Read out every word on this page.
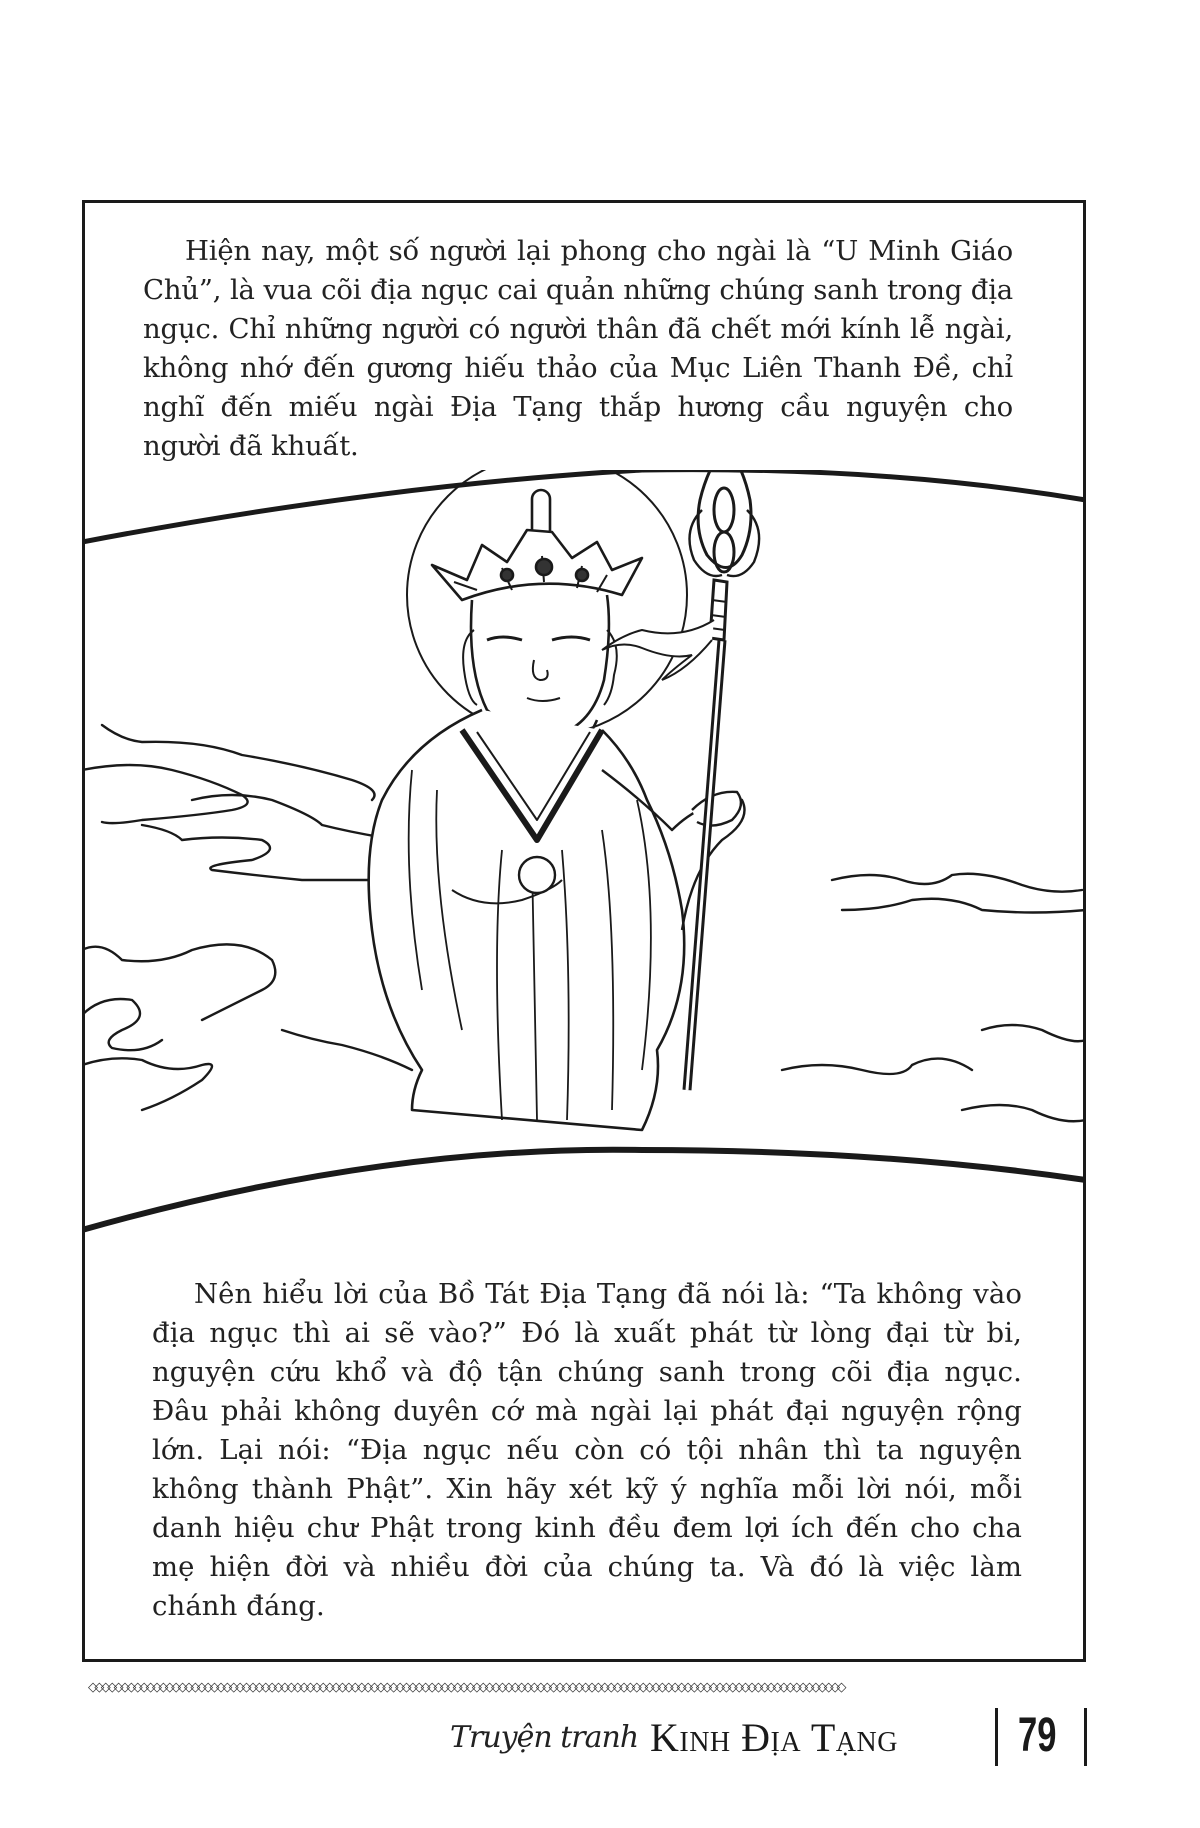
Hiện nay, một số người lại phong cho ngài là “U Minh Giáo Chủ”, là vua cõi địa ngục cai quản những chúng sanh trong địa ngục. Chỉ những người có người thân đã chết mới kính lễ ngài, không nhớ đến gương hiếu thảo của Mục Liên Thanh Đề, chỉ nghĩ đến miếu ngài Địa Tạng thắp hương cầu nguyện cho người đã khuất.

Nên hiểu lời của Bồ Tát Địa Tạng đã nói là: “Ta không vào địa ngục thì ai sẽ vào?” Đó là xuất phát từ lòng đại từ bi, nguyện cứu khổ và độ tận chúng sanh trong cõi địa ngục. Đâu phải không duyên cớ mà ngài lại phát đại nguyện rộng lớn. Lại nói: “Địa ngục nếu còn có tội nhân thì ta nguyện không thành Phật”. Xin hãy xét kỹ ý nghĩa mỗi lời nói, mỗi danh hiệu chư Phật trong kinh đều đem lợi ích đến cho cha mẹ hiện đời và nhiều đời của chúng ta. Và đó là việc làm chánh đáng.

◇◇◇◇◇◇◇◇◇◇◇◇◇◇◇◇◇◇◇◇◇◇◇◇◇◇◇◇◇◇◇◇◇◇◇◇◇◇◇◇◇◇◇◇◇◇◇◇◇◇◇◇◇◇◇◇◇◇◇◇◇◇◇◇◇◇◇◇◇◇◇◇◇◇◇◇◇◇◇◇◇◇◇◇◇◇◇◇◇◇◇◇◇◇◇◇◇◇◇◇◇◇◇◇◇◇◇◇◇◇◇◇◇◇◇◇◇◇
Truyện tranh Kinh Địa Tạng	79
